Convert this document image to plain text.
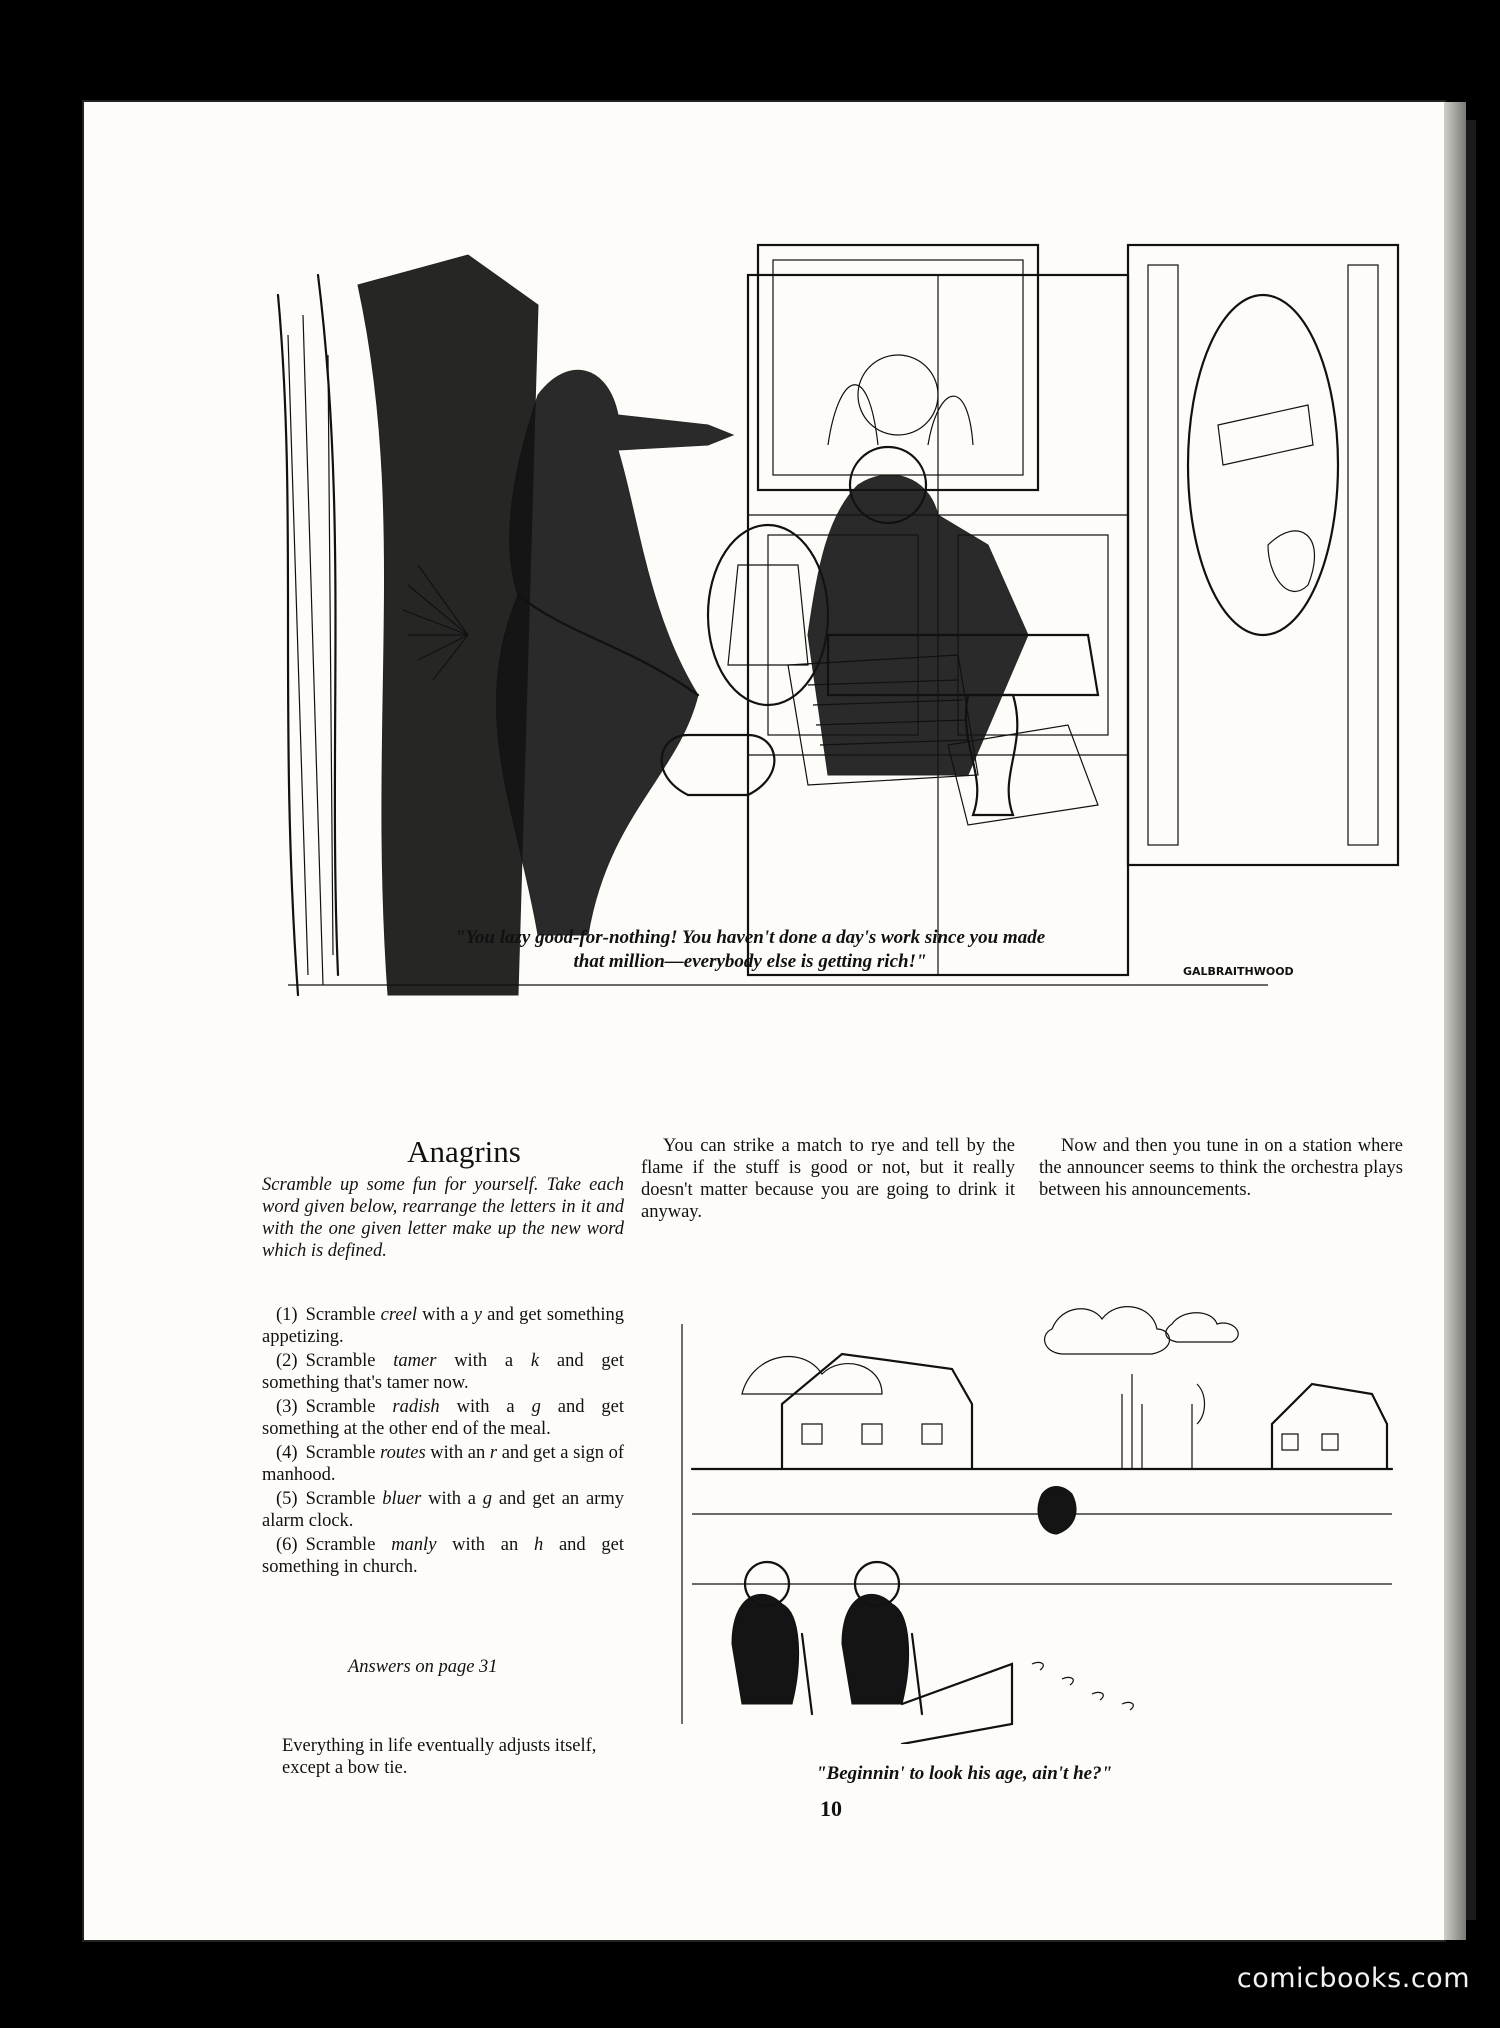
GALBRAITHWOOD
"You lazy good-for-nothing! You haven't done a day's work since you made
that million—everybody else is getting rich!"
Anagrins
Scramble up some fun for yourself. Take each word given below, rearrange the letters in it and with the one given letter make up the new word which is defined.
(1) Scramble creel with a y and get something appetizing.
(2) Scramble tamer with a k and get something that's tamer now.
(3) Scramble radish with a g and get something at the other end of the meal.
(4) Scramble routes with an r and get a sign of manhood.
(5) Scramble bluer with a g and get an army alarm clock.
(6) Scramble manly with an h and get something in church.
Answers on page 31
Everything in life eventually adjusts itself, except a bow tie.

You can strike a match to rye and tell by the flame if the stuff is good or not, but it really doesn't matter because you are going to drink it anyway.

Now and then you tune in on a station where the announcer seems to think the orchestra plays between his announcements.

"Beginnin' to look his age, ain't he?"
10
comicbooks.com
